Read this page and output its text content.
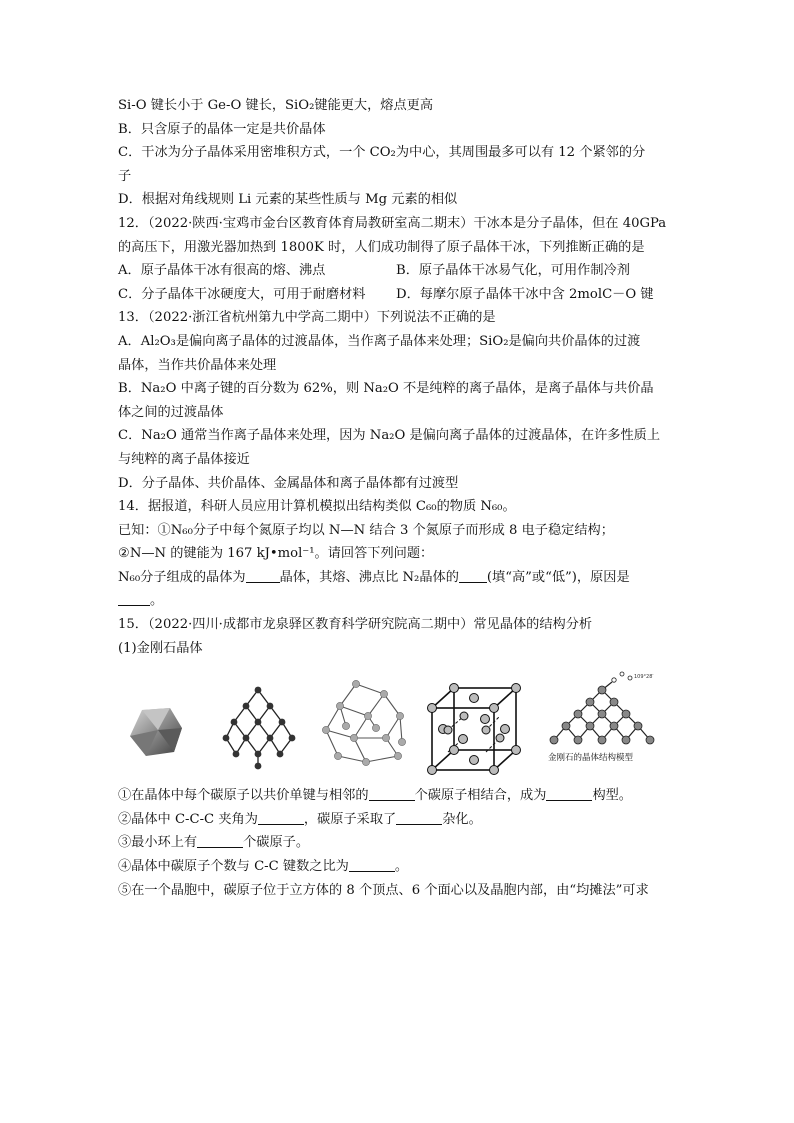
Si-O 键长小于 Ge-O 键长，SiO₂键能更大，熔点更高
B．只含原子的晶体一定是共价晶体
C．干冰为分子晶体采用密堆积方式，一个 CO₂为中心，其周围最多可以有 12 个紧邻的分
子
D．根据对角线规则 Li 元素的某些性质与 Mg 元素的相似
12．（2022·陕西·宝鸡市金台区教育体育局教研室高二期末）干冰本是分子晶体，但在 40GPa
的高压下，用激光器加热到 1800K 时，人们成功制得了原子晶体干冰，下列推断正确的是
A．原子晶体干冰有很高的熔、沸点	B．原子晶体干冰易气化，可用作制冷剂
C．分子晶体干冰硬度大，可用于耐磨材料 D．每摩尔原子晶体干冰中含 2molC－O 键
13．（2022·浙江省杭州第九中学高二期中）下列说法不正确的是
A．Al₂O₃是偏向离子晶体的过渡晶体，当作离子晶体来处理；SiO₂是偏向共价晶体的过渡
晶体，当作共价晶体来处理
B．Na₂O 中离子键的百分数为 62%，则 Na₂O 不是纯粹的离子晶体，是离子晶体与共价晶
体之间的过渡晶体
C．Na₂O 通常当作离子晶体来处理，因为 Na₂O 是偏向离子晶体的过渡晶体，在许多性质上
与纯粹的离子晶体接近
D．分子晶体、共价晶体、金属晶体和离子晶体都有过渡型
14．据报道，科研人员应用计算机模拟出结构类似 C₆₀的物质 N₆₀。
已知：①N₆₀分子中每个氮原子均以 N—N 结合 3 个氮原子而形成 8 电子稳定结构；
②N—N 的键能为 167 kJ•mol⁻¹。请回答下列问题：
N₆₀分子组成的晶体为	晶体，其熔、沸点比 N₂晶体的 (填“高”或“低”)，原因是
。
15．（2022·四川·成都市龙泉驿区教育科学研究院高二期中）常见晶体的结构分析
(1)金刚石晶体
109°28′
金刚石的晶体结构模型
①在晶体中每个碳原子以共价单键与相邻的	个碳原子相结合，成为	构型。
②晶体中 C-C-C 夹角为	，碳原子采取了	杂化。
③最小环上有	个碳原子。
④晶体中碳原子个数与 C-C 键数之比为	。
⑤在一个晶胞中，碳原子位于立方体的 8 个顶点、6 个面心以及晶胞内部，由“均摊法”可求
